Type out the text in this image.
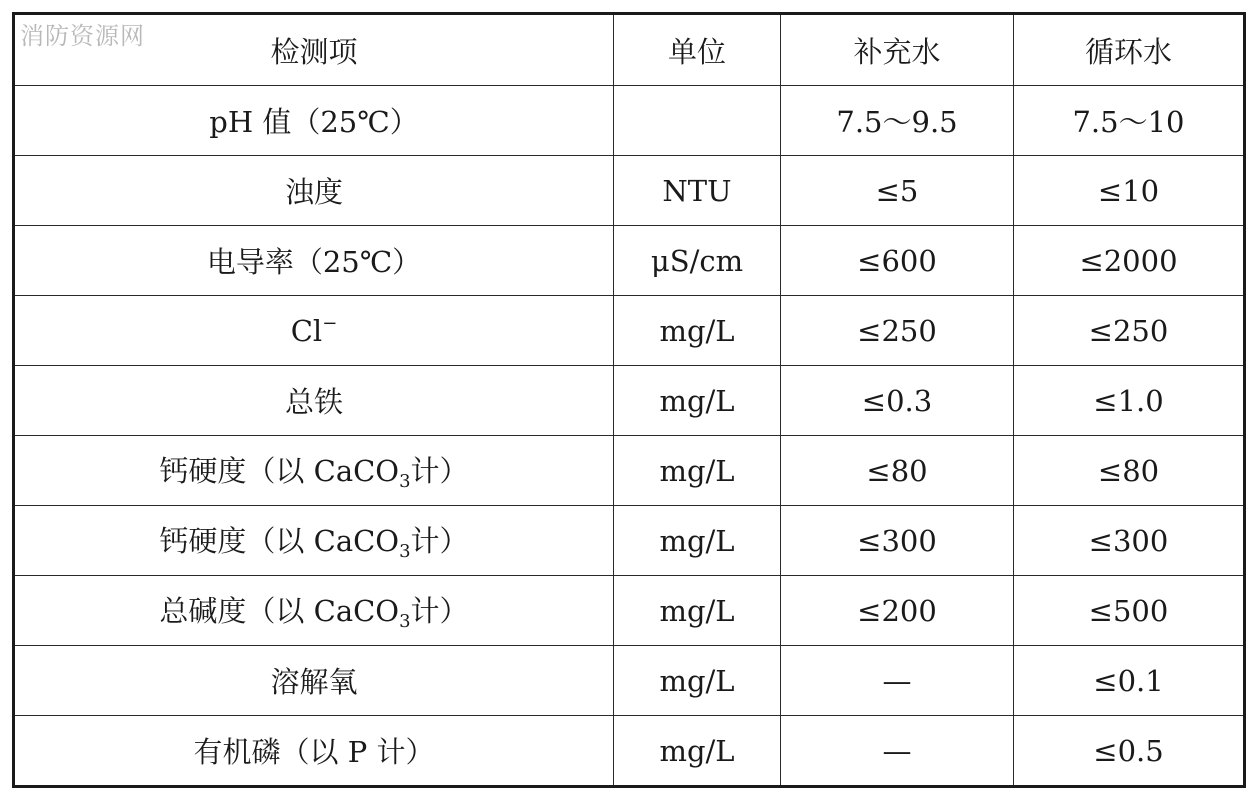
消防资源网	检测项	单位	补充水	循环水
pH 值（25℃）		7.5～9.5	7.5～10
浊度	NTU	≤5	≤10
电导率（25℃）	μS/cm	≤600	≤2000
Cl−	mg/L	≤250	≤250
总铁	mg/L	≤0.3	≤1.0
钙硬度（以 CaCO$_3$计）	mg/L	≤80	≤80
钙硬度（以 CaCO$_3$计）	mg/L	≤300	≤300
总碱度（以 CaCO$_3$计）	mg/L	≤200	≤500
溶解氧	mg/L	—	≤0.1
有机磷（以 P 计）	mg/L	—	≤0.5
